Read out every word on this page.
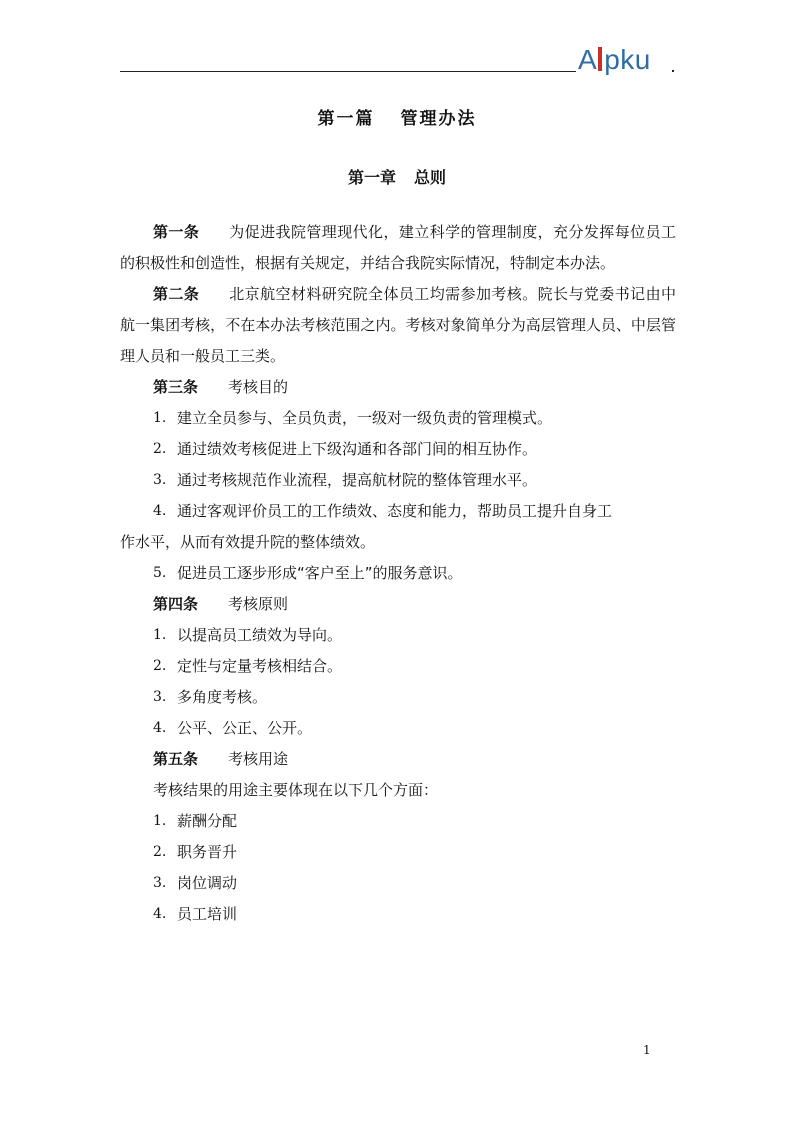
A pku
第一篇 管理办法
第一章 总则

第一条 为促进我院管理现代化，建立科学的管理制度，充分发挥每位员工的积极性和创造性，根据有关规定，并结合我院实际情况，特制定本办法。

第二条 北京航空材料研究院全体员工均需参加考核。院长与党委书记由中航一集团考核，不在本办法考核范围之内。考核对象简单分为高层管理人员、中层管理人员和一般员工三类。

第三条 考核目的

1. 建立全员参与、全员负责，一级对一级负责的管理模式。
2. 通过绩效考核促进上下级沟通和各部门间的相互协作。
3. 通过考核规范作业流程，提高航材院的整体管理水平。
4. 通过客观评价员工的工作绩效、态度和能力，帮助员工提升自身工

作水平，从而有效提升院的整体绩效。

5. 促进员工逐步形成“客户至上”的服务意识。

第四条 考核原则

1. 以提高员工绩效为导向。
2. 定性与定量考核相结合。
3. 多角度考核。
4. 公平、公正、公开。

第五条 考核用途

考核结果的用途主要体现在以下几个方面：

1. 薪酬分配
2. 职务晋升
3. 岗位调动
4. 员工培训
1
